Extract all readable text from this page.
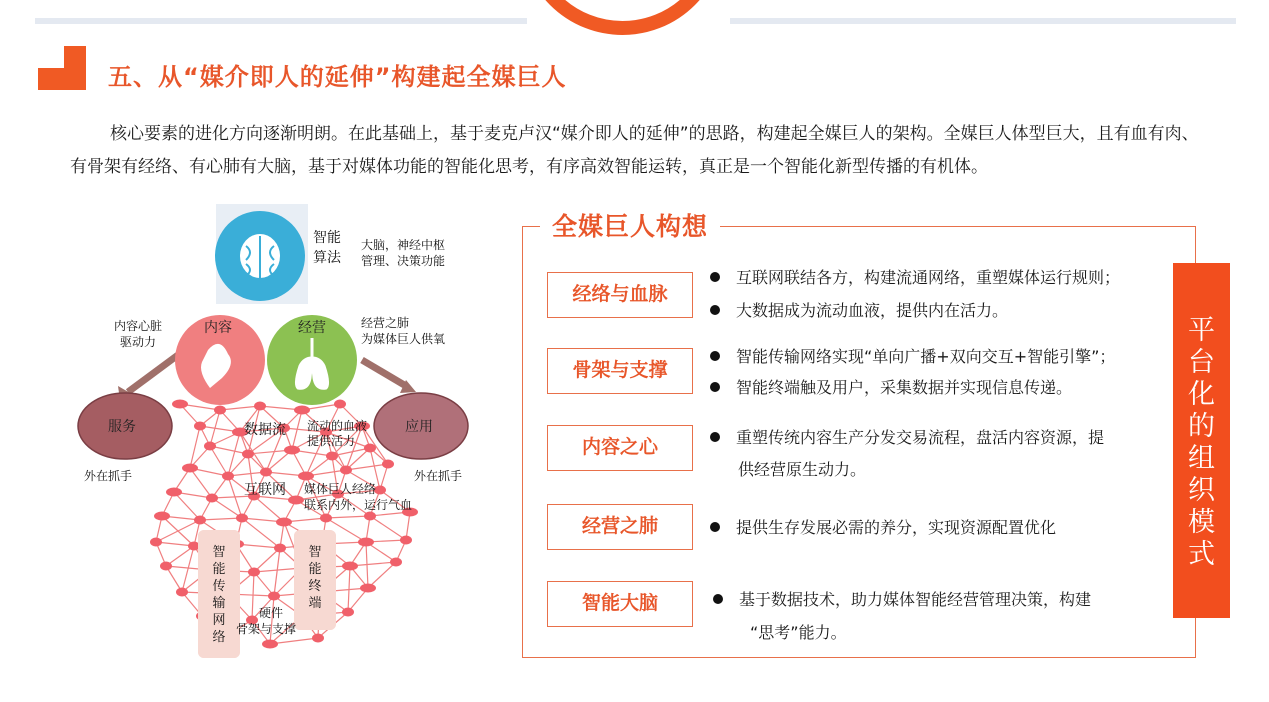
五、从“媒介即人的延伸”构建起全媒巨人

核心要素的进化方向逐渐明朗。在此基础上，基于麦克卢汉“媒介即人的延伸”的思路，构建起全媒巨人的架构。全媒巨人体型巨大，且有血有肉、有骨架有经络、有心肺有大脑，基于对媒体功能的智能化思考，有序高效智能运转，真正是一个智能化新型传播的有机体。

智能
算法
大脑，神经中枢
管理、决策功能
内容	经营
内容心脏
驱动力
经营之肺
为媒体巨人供氧
服务	应用
外在抓手	外在抓手
数据流 流动的血液
提供活力
互联网 媒体巨人经络
联系内外，运行气血
智
能
传
输
网
络
智
能
终
端
硬件
骨架与支撑
全媒巨人构想
经络与血脉
互联网联结各方，构建流通网络，重塑媒体运行规则；
大数据成为流动血液，提供内在活力。
骨架与支撑
智能传输网络实现“单向广播+双向交互+智能引擎”；
智能终端触及用户，采集数据并实现信息传递。
内容之心	重塑传统内容生产分发交易流程，盘活内容资源，提
供经营原生动力。
经营之肺	提供生存发展必需的养分，实现资源配置优化
智能大脑	基于数据技术，助力媒体智能经营管理决策，构建
“思考”能力。
平
台
化
的
组
织
模
式
